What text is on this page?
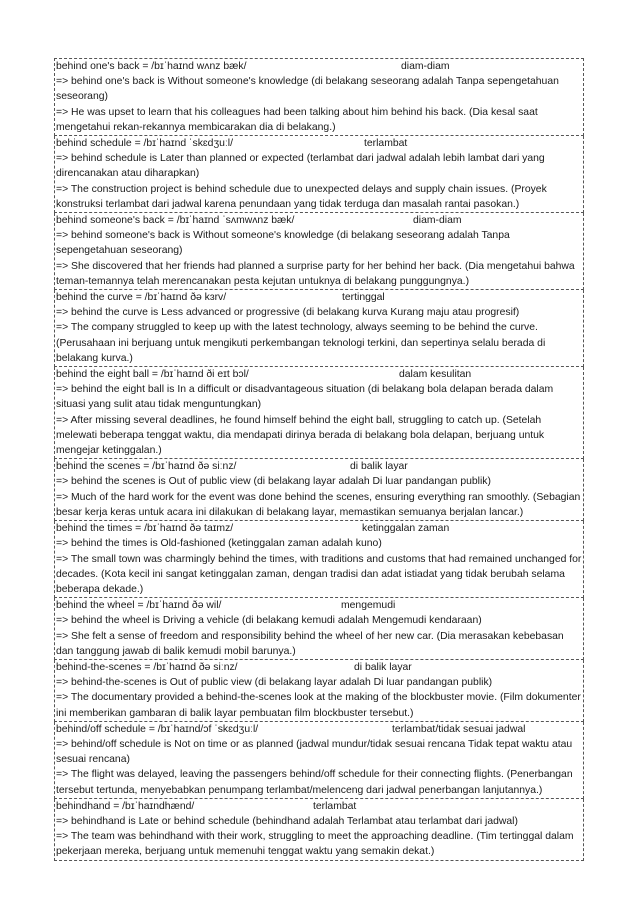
behind one's back = /bɪˈhaɪnd wʌnz bæk/	diam-diam

=> behind one's back is Without someone's knowledge (di belakang seseorang adalah Tanpa sepengetahuan seseorang)

=> He was upset to learn that his colleagues had been talking about him behind his back. (Dia kesal saat mengetahui rekan-rekannya membicarakan dia di belakang.)

behind schedule = /bɪˈhaɪnd ˈskɛdʒuːl/	terlambat

=> behind schedule is Later than planned or expected (terlambat dari jadwal adalah lebih lambat dari yang direncanakan atau diharapkan)

=> The construction project is behind schedule due to unexpected delays and supply chain issues. (Proyek konstruksi terlambat dari jadwal karena penundaan yang tidak terduga dan masalah rantai pasokan.)

behind someone's back = /bɪˈhaɪnd ˈsʌmwʌnz bæk/	diam-diam

=> behind someone's back is Without someone's knowledge (di belakang seseorang adalah Tanpa sepengetahuan seseorang)

=> She discovered that her friends had planned a surprise party for her behind her back. (Dia mengetahui bahwa teman-temannya telah merencanakan pesta kejutan untuknya di belakang punggungnya.)

behind the curve = /bɪˈhaɪnd ðə kɜrv/	tertinggal

=> behind the curve is Less advanced or progressive (di belakang kurva Kurang maju atau progresif)

=> The company struggled to keep up with the latest technology, always seeming to be behind the curve. (Perusahaan ini berjuang untuk mengikuti perkembangan teknologi terkini, dan sepertinya selalu berada di belakang kurva.)

behind the eight ball = /bɪˈhaɪnd ði eɪt bɔl/	dalam kesulitan

=> behind the eight ball is In a difficult or disadvantageous situation (di belakang bola delapan berada dalam situasi yang sulit atau tidak menguntungkan)

=> After missing several deadlines, he found himself behind the eight ball, struggling to catch up. (Setelah melewati beberapa tenggat waktu, dia mendapati dirinya berada di belakang bola delapan, berjuang untuk mengejar ketinggalan.)

behind the scenes = /bɪˈhaɪnd ðə siːnz/	di balik layar

=> behind the scenes is Out of public view (di belakang layar adalah Di luar pandangan publik)

=> Much of the hard work for the event was done behind the scenes, ensuring everything ran smoothly. (Sebagian besar kerja keras untuk acara ini dilakukan di belakang layar, memastikan semuanya berjalan lancar.)

behind the times = /bɪˈhaɪnd ðə taɪmz/	ketinggalan zaman

=> behind the times is Old-fashioned (ketinggalan zaman adalah kuno)

=> The small town was charmingly behind the times, with traditions and customs that had remained unchanged for decades. (Kota kecil ini sangat ketinggalan zaman, dengan tradisi dan adat istiadat yang tidak berubah selama beberapa dekade.)

behind the wheel = /bɪˈhaɪnd ðə wil/	mengemudi

=> behind the wheel is Driving a vehicle (di belakang kemudi adalah Mengemudi kendaraan)

=> She felt a sense of freedom and responsibility behind the wheel of her new car. (Dia merasakan kebebasan dan tanggung jawab di balik kemudi mobil barunya.)

behind-the-scenes = /bɪˈhaɪnd ðə siːnz/	di balik layar

=> behind-the-scenes is Out of public view (di belakang layar adalah Di luar pandangan publik)

=> The documentary provided a behind-the-scenes look at the making of the blockbuster movie. (Film dokumenter ini memberikan gambaran di balik layar pembuatan film blockbuster tersebut.)

behind/off schedule = /bɪˈhaɪnd/ɔf ˈskɛdʒuːl/	terlambat/tidak sesuai jadwal

=> behind/off schedule is Not on time or as planned (jadwal mundur/tidak sesuai rencana Tidak tepat waktu atau sesuai rencana)

=> The flight was delayed, leaving the passengers behind/off schedule for their connecting flights. (Penerbangan tersebut tertunda, menyebabkan penumpang terlambat/melenceng dari jadwal penerbangan lanjutannya.)

behindhand = /bɪˈhaɪndhænd/	terlambat

=> behindhand is Late or behind schedule (behindhand adalah Terlambat atau terlambat dari jadwal)

=> The team was behindhand with their work, struggling to meet the approaching deadline. (Tim tertinggal dalam pekerjaan mereka, berjuang untuk memenuhi tenggat waktu yang semakin dekat.)
